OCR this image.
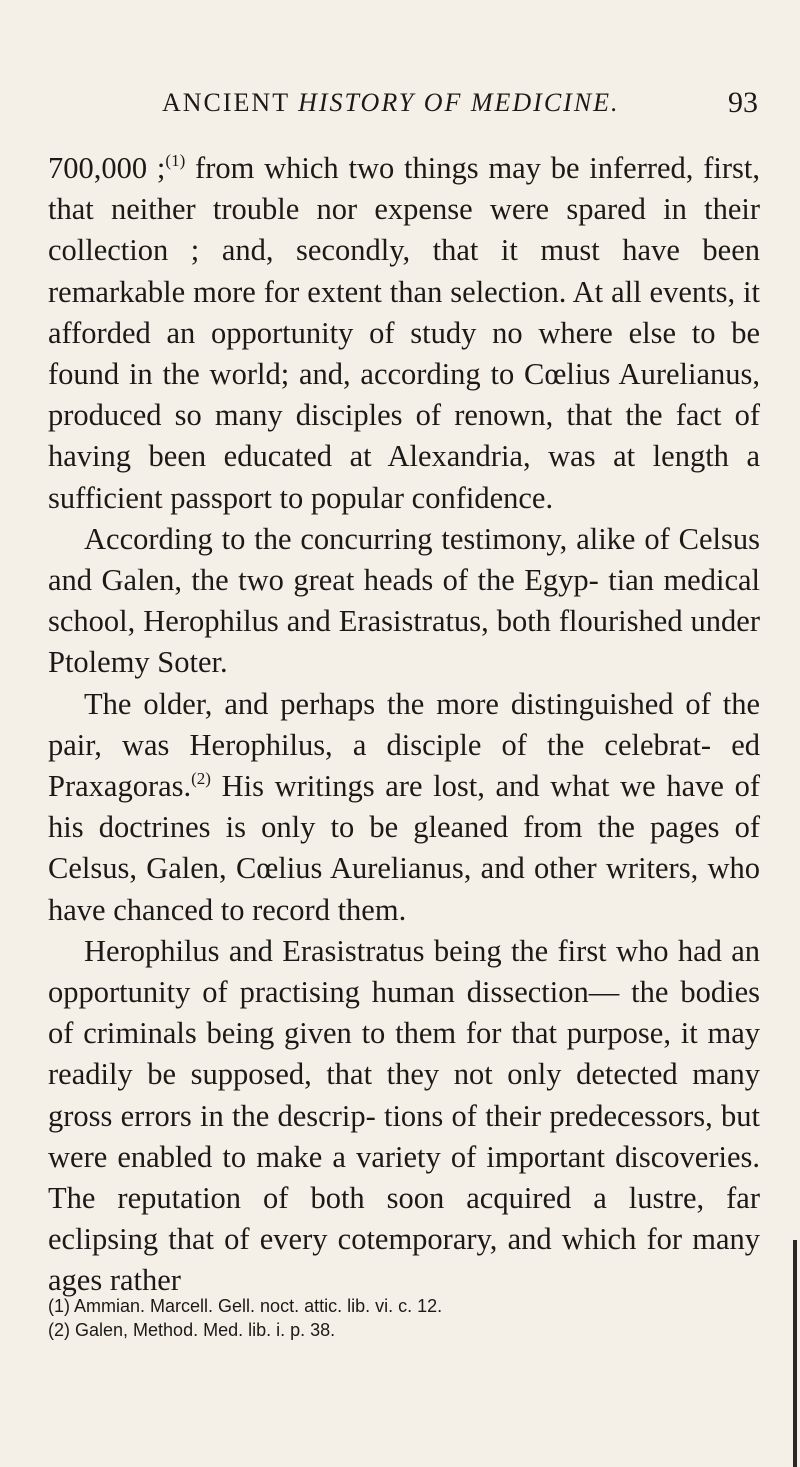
ANCIENT HISTORY OF MEDICINE.	93

700,000 ;$^{(1)}$ from which two things may be inferred, first, that neither trouble nor expense were spared in their collection ; and, secondly, that it must have been remarkable more for extent than selection. At all events, it afforded an opportunity of study no where else to be found in the world; and, according to Cœlius Aurelianus, produced so many disciples of renown, that the fact of having been educated at Alexandria, was at length a sufficient passport to popular confidence.

According to the concurring testimony, alike of Celsus and Galen, the two great heads of the Egyp- tian medical school, Herophilus and Erasistratus, both flourished under Ptolemy Soter.

The older, and perhaps the more distinguished of the pair, was Herophilus, a disciple of the celebrat- ed Praxagoras.$^{(2)}$ His writings are lost, and what we have of his doctrines is only to be gleaned from the pages of Celsus, Galen, Cœlius Aurelianus, and other writers, who have chanced to record them.

Herophilus and Erasistratus being the first who had an opportunity of practising human dissection— the bodies of criminals being given to them for that purpose, it may readily be supposed, that they not only detected many gross errors in the descrip- tions of their predecessors, but were enabled to make a variety of important discoveries. The reputation of both soon acquired a lustre, far eclipsing that of every cotemporary, and which for many ages rather

(1) Ammian. Marcell. Gell. noct. attic. lib. vi. c. 12.

(2) Galen, Method. Med. lib. i. p. 38.
